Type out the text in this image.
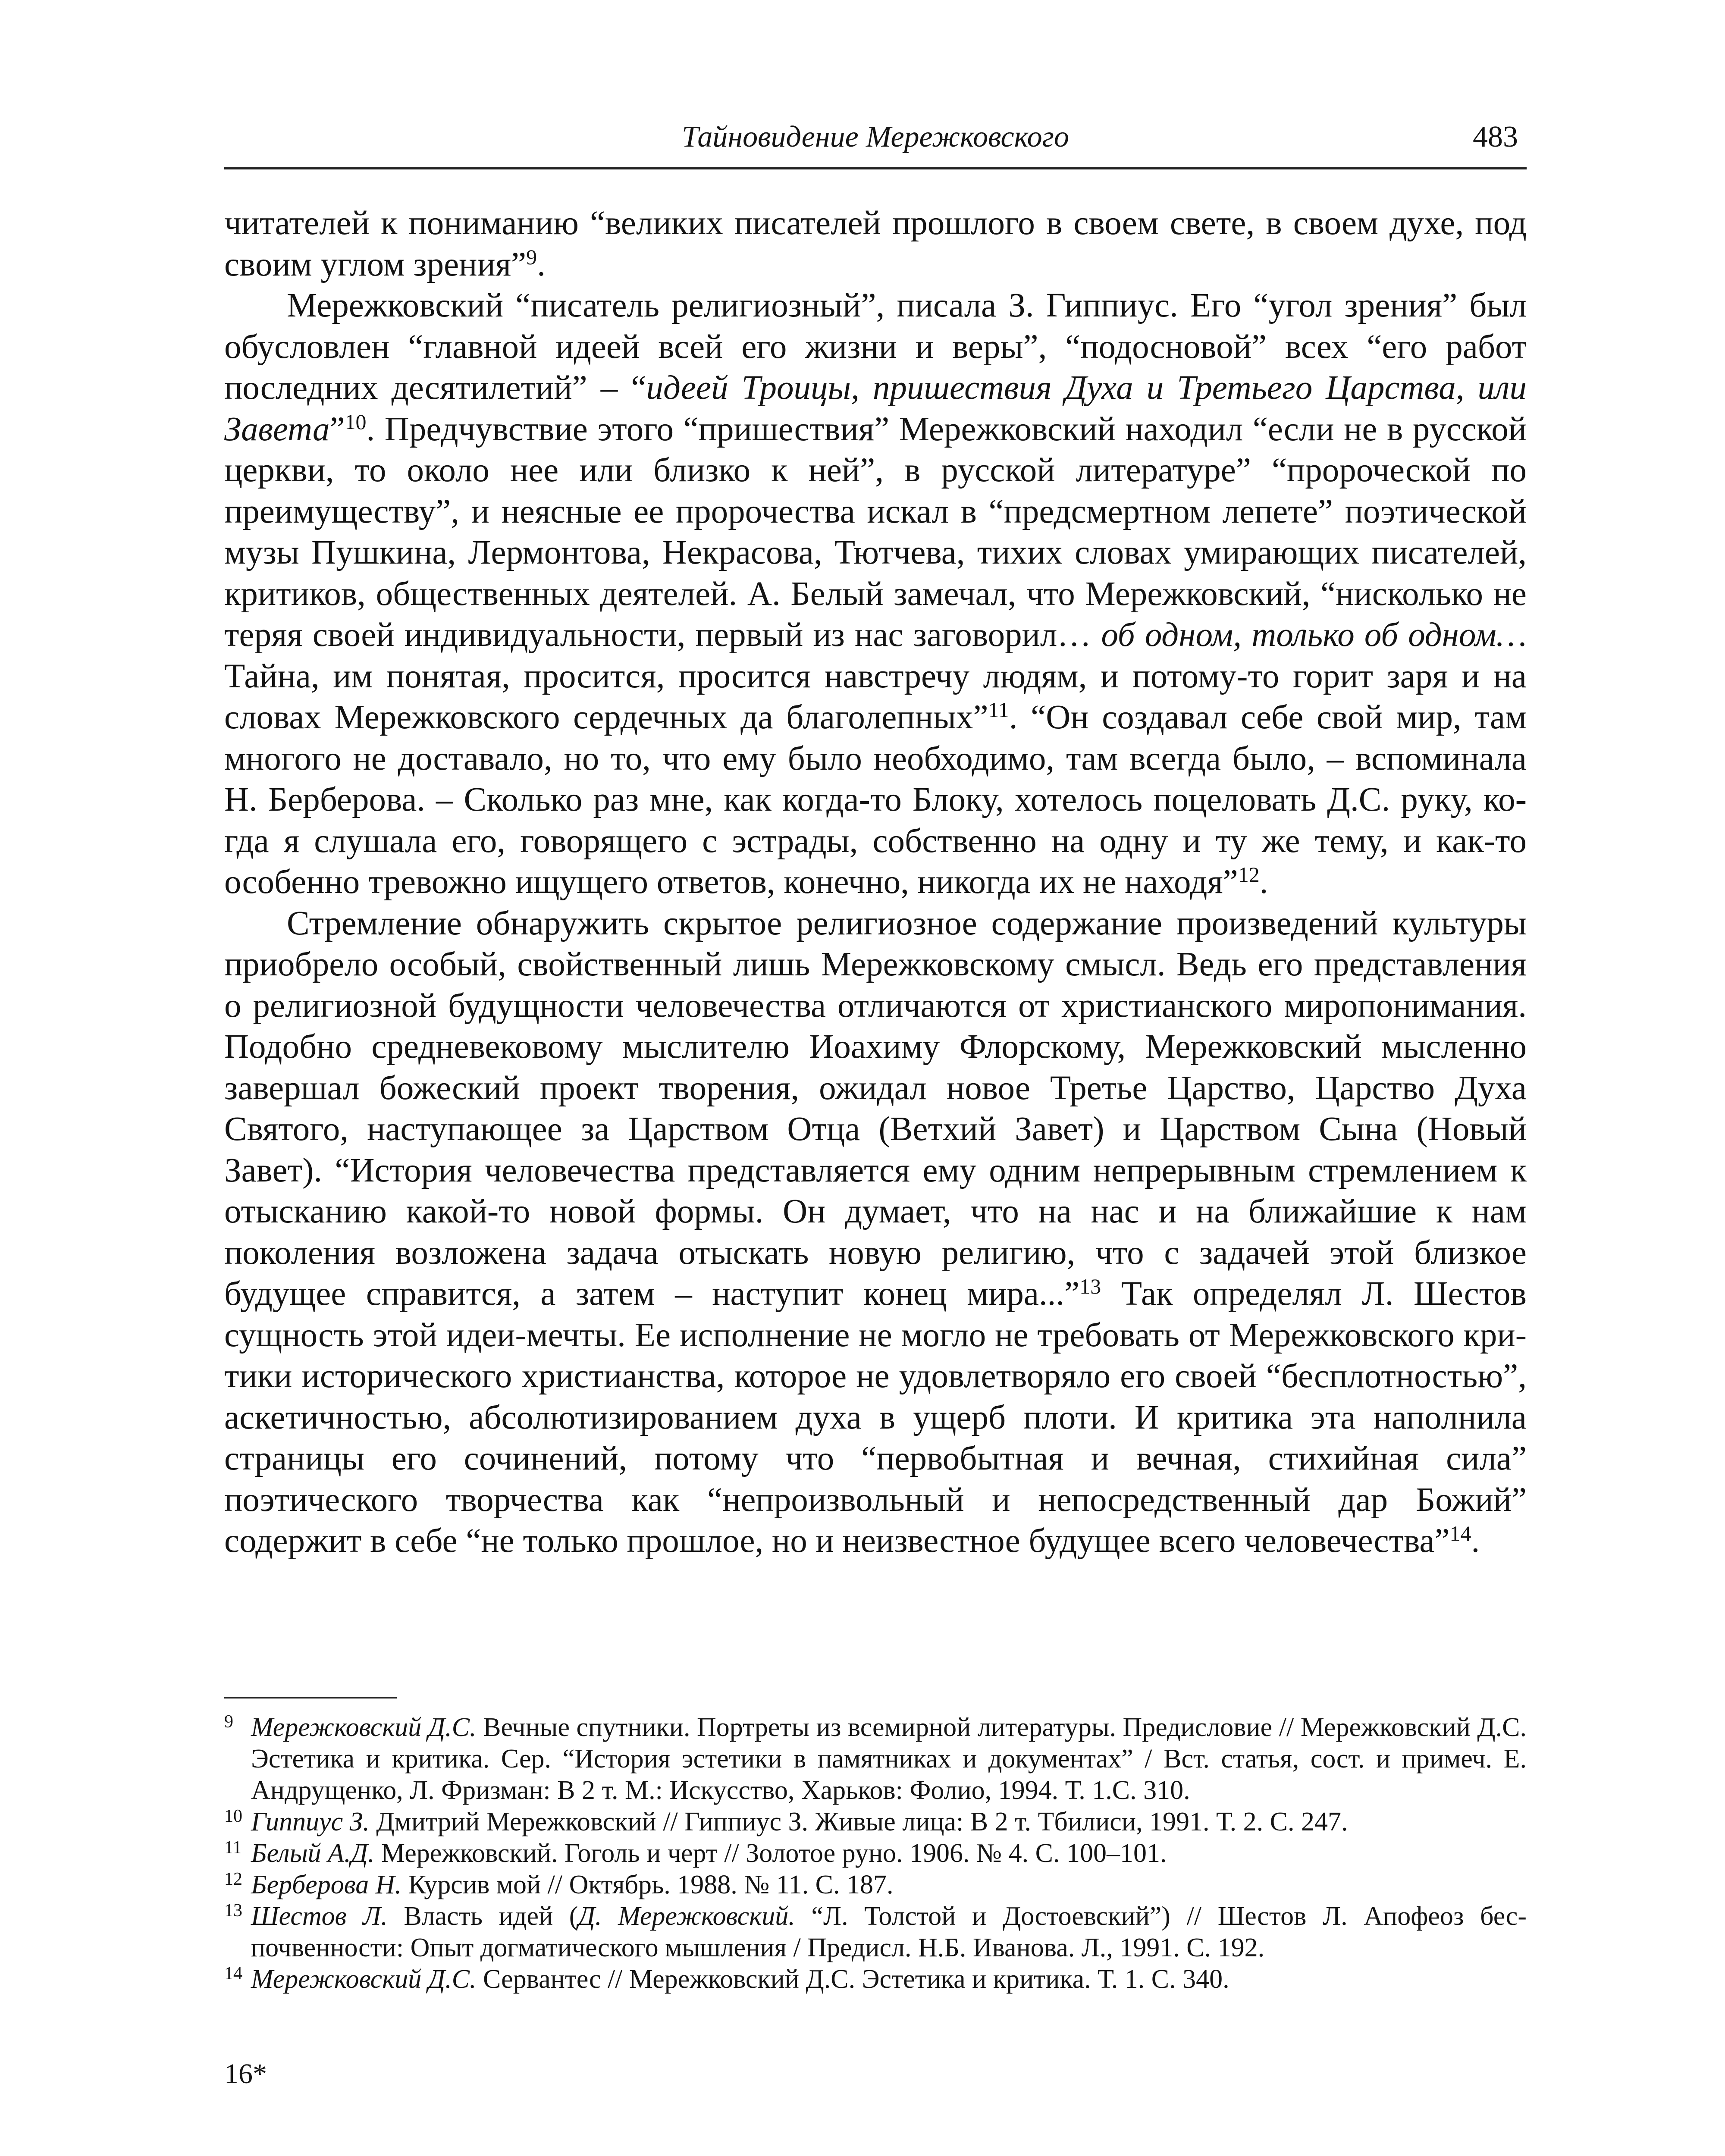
Тайновидение Мережковского	483

читателей к пониманию “великих писателей прошлого в своем свете, в своем духе, под своим углом зрения”$^9$.

Мережковский “писатель религиозный”, писала З. Гиппиус. Его “угол зрения” был обусловлен “главной идеей всей его жизни и веры”, “подосновой” всех “его работ последних десятилетий” – “идеей Троицы, пришествия Духа и Третьего Царства, или Завета”$^{10}$. Предчувствие этого “пришествия” Мережковский находил “если не в русской церкви, то около нее или близко к ней”, в русской литературе” “пророческой по преимуществу”, и неясные ее пророчества искал в “предсмертном лепете” поэтической музы Пушкина, Лермонтова, Некрасова, Тютчева, тихих словах умирающих писателей, критиков, общественных деятелей. А. Белый замечал, что Мережковский, “нисколько не теряя своей индивидуальности, первый из нас заговорил… об одном, только об одном… Тайна, им понятая, просится, просится навстречу людям, и потому-то горит заря и на словах Мережковского сердечных да благолепных”$^{11}$. “Он создавал себе свой мир, там многого не доставало, но то, что ему было необходимо, там всегда было, – вспоминала Н. Берберова. – Сколько раз мне, как когда-то Блоку, хотелось поцеловать Д.С. руку, когда я слушала его, говорящего с эстрады, собственно на одну и ту же тему, и как-то особенно тревожно ищущего ответов, конечно, никогда их не находя”$^{12}$.

Стремление обнаружить скрытое религиозное содержание произведений культуры приобрело особый, свойственный лишь Мережковскому смысл. Ведь его представления о религиозной будущности человечества отличаются от христианского миропонимания. Подобно средневековому мыслителю Иоахиму Флорскому, Мережковский мысленно завершал божеский проект творения, ожидал новое Третье Царство, Царство Духа Святого, наступающее за Царством Отца (Ветхий Завет) и Царством Сына (Новый Завет). “История человечества представляется ему одним непрерывным стремлением к отысканию какой-то новой формы. Он думает, что на нас и на ближайшие к нам поколения возложена задача отыскать новую религию, что с задачей этой близкое будущее справится, а затем – наступит конец мира...”$^{13}$ Так определял Л. Шестов сущность этой идеи-мечты. Ее исполнение не могло не требовать от Мережковского критики исторического христианства, которое не удовлетворяло его своей “бесплотностью”, аскетичностью, абсолютизированием духа в ущерб плоти. И критика эта наполнила страницы его сочинений, потому что “первобытная и вечная, стихийная сила” поэтического творчества как “непроизвольный и непосредственный дар Божий” содержит в себе “не только прошлое, но и неизвестное будущее всего человечества”$^{14}$.

9 Мережковский Д.С. Вечные спутники. Портреты из всемирной литературы. Предисловие // Мережковский Д.С. Эстетика и критика. Сер. “История эстетики в памятниках и документах” / Вст. статья, сост. и примеч. Е. Андрущенко, Л. Фризман: В 2 т. М.: Искусство, Харьков: Фолио, 1994. Т. 1.С. 310.

10 Гиппиус З. Дмитрий Мережковский // Гиппиус З. Живые лица: В 2 т. Тбилиси, 1991. Т. 2. С. 247.

11 Белый А.Д. Мережковский. Гоголь и черт // Золотое руно. 1906. № 4. С. 100–101.

12 Берберова Н. Курсив мой // Октябрь. 1988. № 11. С. 187.

13 Шестов Л. Власть идей (Д. Мережковский. “Л. Толстой и Достоевский”) // Шестов Л. Апофеоз беспочвенности: Опыт догматического мышления / Предисл. Н.Б. Иванова. Л., 1991. С. 192.

14 Мережковский Д.С. Сервантес // Мережковский Д.С. Эстетика и критика. Т. 1. С. 340.

16*
